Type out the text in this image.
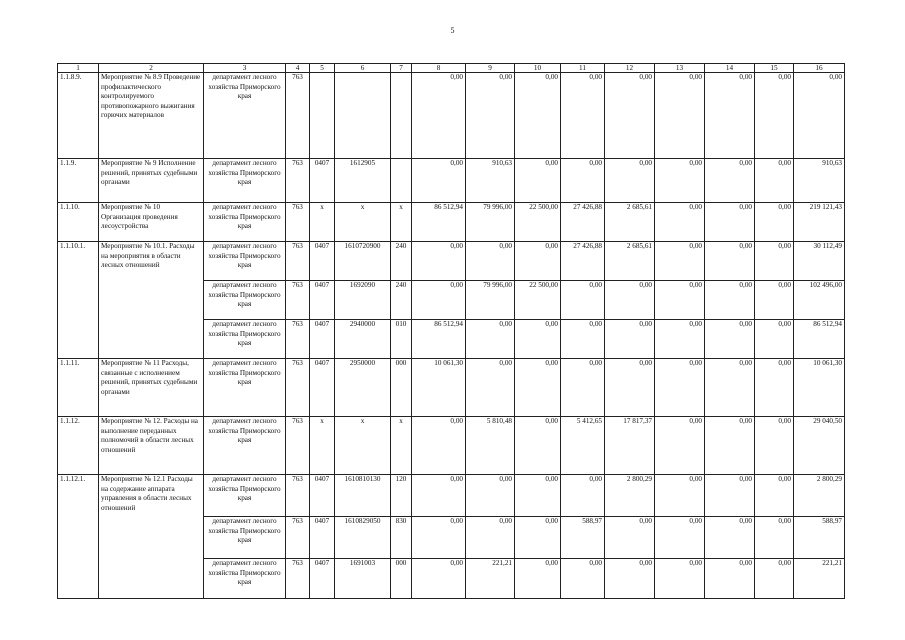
5
1	2	3	4	5	6	7	8	9	10	11	12	13	14	15	16
1.1.8.9.	Мероприятие № 8.9 Проведение профилактического контролируемого противопожарного выжигания горючих материалов	департамент лесного хозяйства Приморского края	763				0,00	0,00	0,00	0,00	0,00	0,00	0,00	0,00	0,00
1.1.9.	Мероприятие № 9 Исполнение решений, принятых судебными органами	департамент лесного хозяйства Приморского края	763	0407	1612905		0,00	910,63	0,00	0,00	0,00	0,00	0,00	0,00	910,63
1.1.10.	Мероприятие № 10 Организация проведения лесоустройства	департамент лесного хозяйства Приморского края	763	x	x	x	86 512,94	79 996,00	22 500,00	27 426,88	2 685,61	0,00	0,00	0,00	219 121,43
1.1.10.1.	Мероприятие № 10.1. Расходы на мероприятия в области лесных отношений	департамент лесного хозяйства Приморского края	763	0407	1610720900	240	0,00	0,00	0,00	27 426,88	2 685,61	0,00	0,00	0,00	30 112,49
		департамент лесного хозяйства Приморского края	763	0407	1692090	240	0,00	79 996,00	22 500,00	0,00	0,00	0,00	0,00	0,00	102 496,00
		департамент лесного хозяйства Приморского края	763	0407	2940000	010	86 512,94	0,00	0,00	0,00	0,00	0,00	0,00	0,00	86 512,94
1.1.11.	Мероприятие № 11 Расходы, связанные с исполнением решений, принятых судебными органами	департамент лесного хозяйства Приморского края	763	0407	2950000	000	10 061,30	0,00	0,00	0,00	0,00	0,00	0,00	0,00	10 061,30
1.1.12.	Мероприятие № 12. Расходы на выполнение переданных полномочий в области лесных отношений	департамент лесного хозяйства Приморского края	763	x	x	x	0,00	5 810,48	0,00	5 412,65	17 817,37	0,00	0,00	0,00	29 040,50
1.1.12.1.	Мероприятие № 12.1 Расходы на содержание аппарата управления в области лесных отношений	департамент лесного хозяйства Приморского края	763	0407	1610810130	120	0,00	0,00	0,00	0,00	2 800,29	0,00	0,00	0,00	2 800,29
		департамент лесного хозяйства Приморского края	763	0407	1610829050	830	0,00	0,00	0,00	588,97	0,00	0,00	0,00	0,00	588,97
		департамент лесного хозяйства Приморского края	763	0407	1691003	000	0,00	221,21	0,00	0,00	0,00	0,00	0,00	0,00	221,21
